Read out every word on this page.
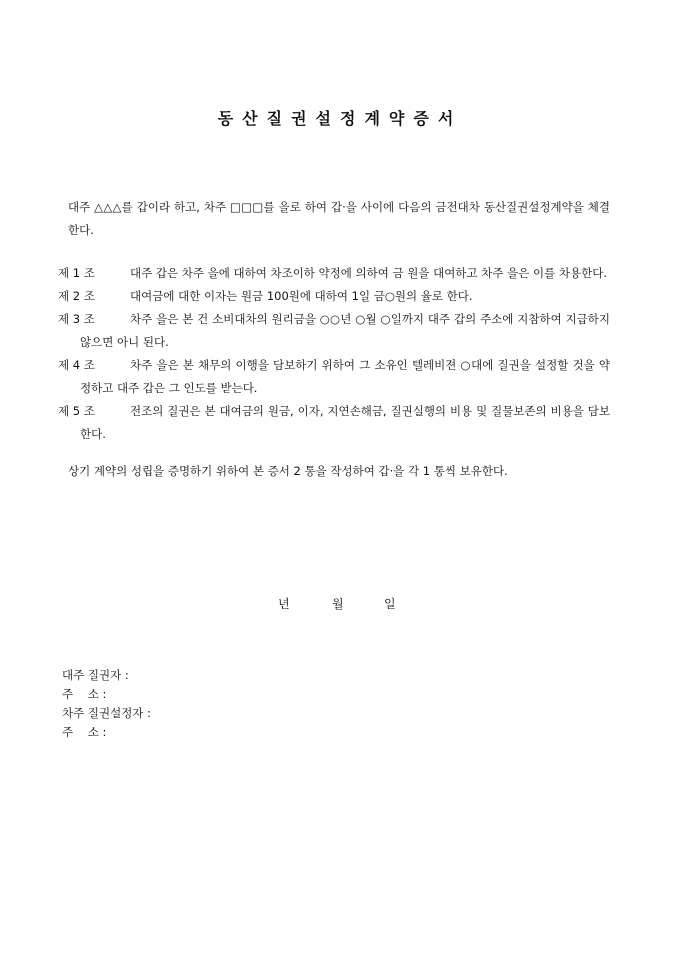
동산질권설정계약증서

대주 △△△를 갑이라 하고, 차주 □□□를 을로 하여 갑·을 사이에 다음의 금전대차 동산질권설정계약을 체결한다.

제 1 조	대주 갑은 차주 을에 대하여 차조이하 약정에 의하여 금 원을 대여하고 차주 을은 이를 차용한다.

제 2 조	대여금에 대한 이자는 원금 100원에 대하여 1일 금○원의 율로 한다.

제 3 조	차주 을은 본 건 소비대차의 원리금을 ○○년 ○월 ○일까지 대주 갑의 주소에 지참하여 지급하지 않으면 아니 된다.

제 4 조	차주 을은 본 채무의 이행을 담보하기 위하여 그 소유인 텔레비젼 ○대에 질권을 설정할 것을 약정하고 대주 갑은 그 인도를 받는다.

제 5 조	전조의 질권은 본 대여금의 원금, 이자, 지연손해금, 질권실행의 비용 및 질물보존의 비용을 담보한다.

상기 계약의 성립을 증명하기 위하여 본 증서 2 통을 작성하여 갑·을 각 1 통씩 보유한다.

년	월	일
대주 질권자 :
주    소 :
차주 질권설정자 :
주    소 :
